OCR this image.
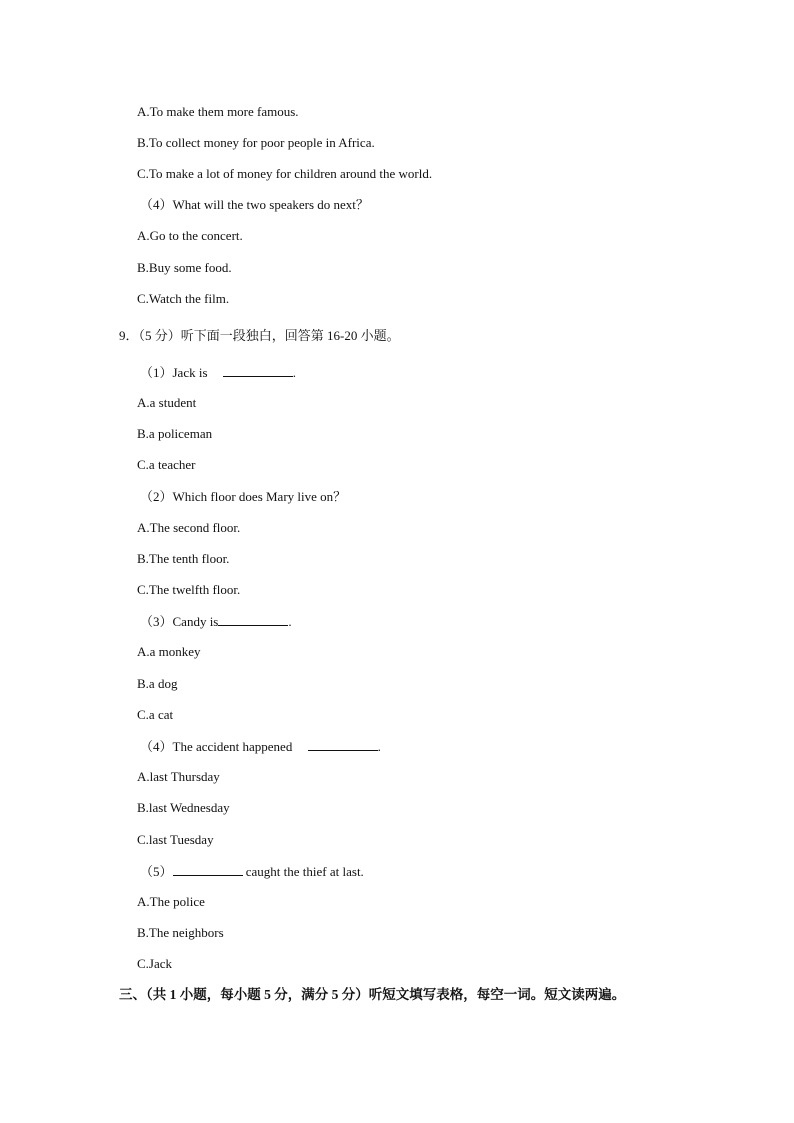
A.To make them more famous.
B.To collect money for poor people in Africa.
C.To make a lot of money for children around the world.
（4）What will the two speakers do next？
A.Go to the concert.
B.Buy some food.
C.Watch the film.
9．（5 分）听下面一段独白，回答第 16-20 小题。
（1）Jack is	.
A.a student
B.a policeman
C.a teacher
（2）Which floor does Mary live on？
A.The second floor.
B.The tenth floor.
C.The twelfth floor.
（3）Candy is	.
A.a monkey
B.a dog
C.a cat
（4）The accident happened	.
A.last Thursday
B.last Wednesday
C.last Tuesday
（5）	caught the thief at last.
A.The police
B.The neighbors
C.Jack
三、（共 1 小题，每小题 5 分，满分 5 分）听短文填写表格，每空一词。短文读两遍。
